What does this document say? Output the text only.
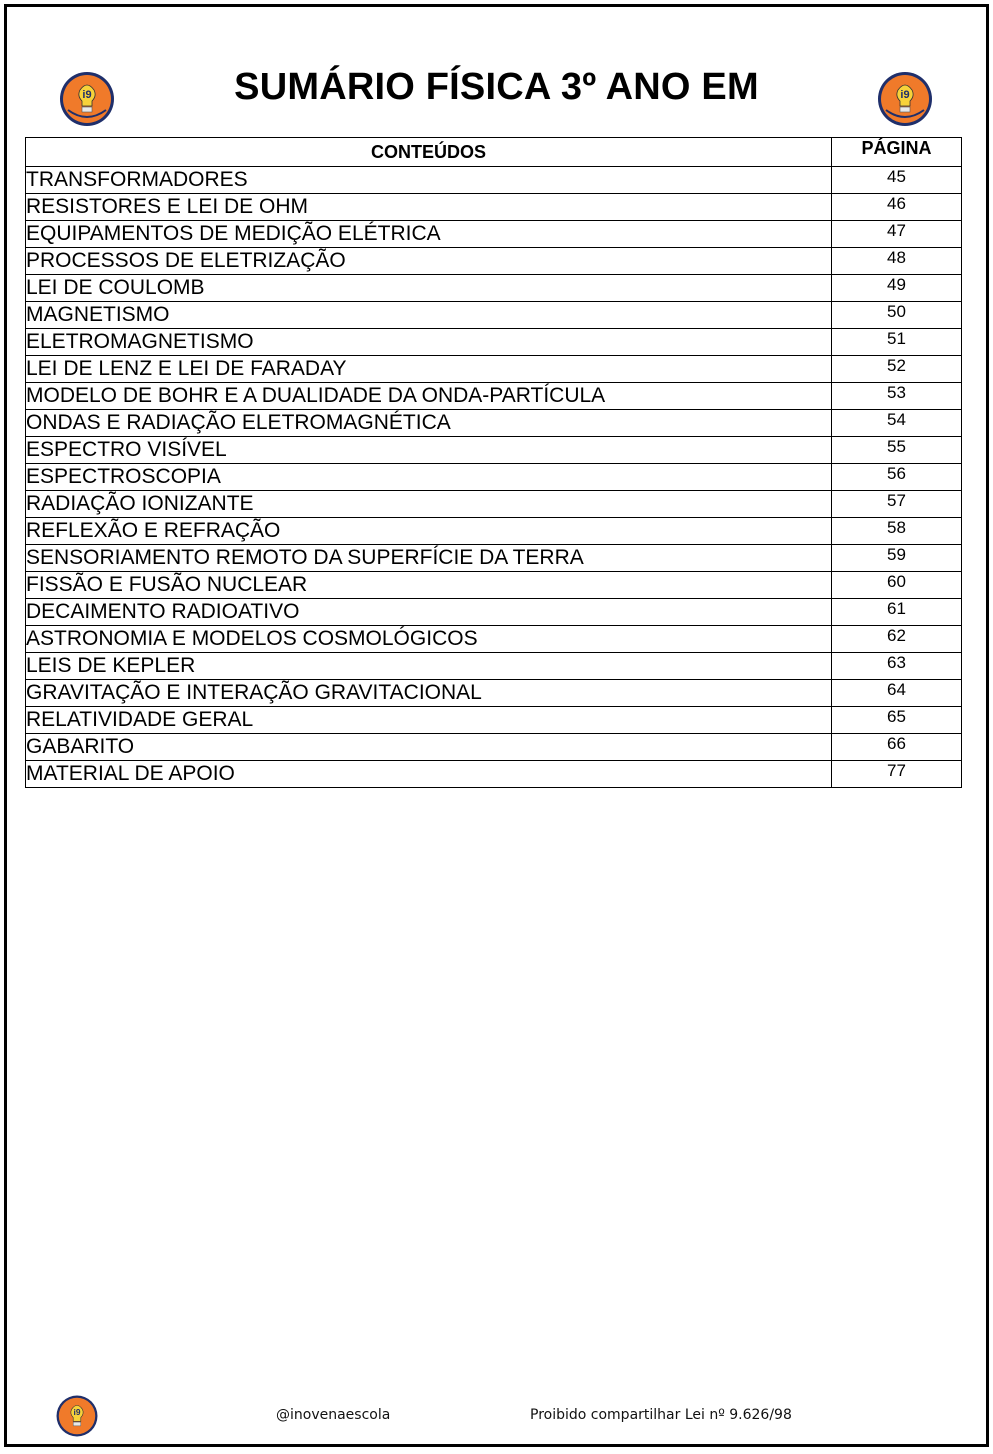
i9	i9
SUMÁRIO FÍSICA 3º ANO EM
CONTEÚDOS	PÁGINA
TRANSFORMADORES	45
RESISTORES E LEI DE OHM	46
EQUIPAMENTOS DE MEDIÇÃO ELÉTRICA	47
PROCESSOS DE ELETRIZAÇÃO	48
LEI DE COULOMB	49
MAGNETISMO	50
ELETROMAGNETISMO	51
LEI DE LENZ E LEI DE FARADAY	52
MODELO DE BOHR E A DUALIDADE DA ONDA-PARTÍCULA	53
ONDAS E RADIAÇÃO ELETROMAGNÉTICA	54
ESPECTRO VISÍVEL	55
ESPECTROSCOPIA	56
RADIAÇÃO IONIZANTE	57
REFLEXÃO E REFRAÇÃO	58
SENSORIAMENTO REMOTO DA SUPERFÍCIE DA TERRA	59
FISSÃO E FUSÃO NUCLEAR	60
DECAIMENTO RADIOATIVO	61
ASTRONOMIA E MODELOS COSMOLÓGICOS	62
LEIS DE KEPLER	63
GRAVITAÇÃO E INTERAÇÃO GRAVITACIONAL	64
RELATIVIDADE GERAL	65
GABARITO	66
MATERIAL DE APOIO	77
i9	@inovenaescola	Proibido compartilhar Lei nº 9.626/98
